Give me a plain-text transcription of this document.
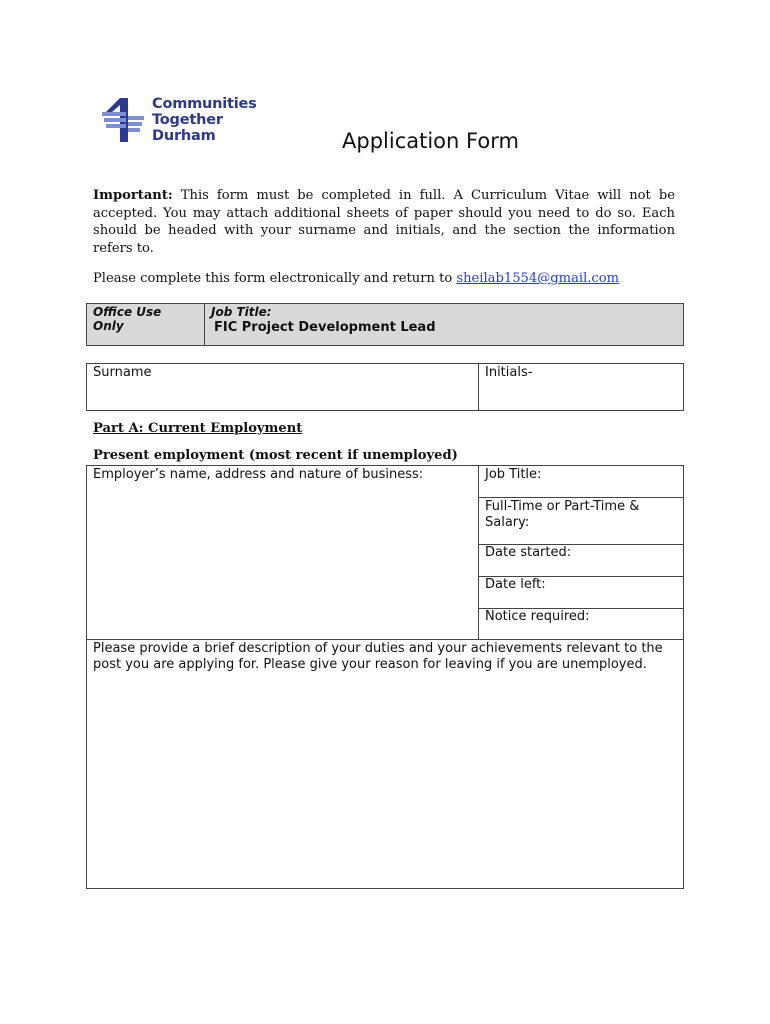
Communities
Together
Durham	Application Form
Important: This form must be completed in full. A Curriculum Vitae will not be accepted. You may attach additional sheets of paper should you need to do so. Each should be headed with your surname and initials, and the section the information refers to.
Please complete this form electronically and return to sheilab1554@gmail.com
Office Use Only
Job Title:
FIC Project Development Lead
Surname	Initials-
Part A: Current Employment
Present employment (most recent if unemployed)
Employer’s name, address and nature of business:	Job Title:
Full-Time or Part-Time & Salary:
Date started:
Date left:
Notice required:
Please provide a brief description of your duties and your achievements relevant to the post you are applying for. Please give your reason for leaving if you are unemployed.
